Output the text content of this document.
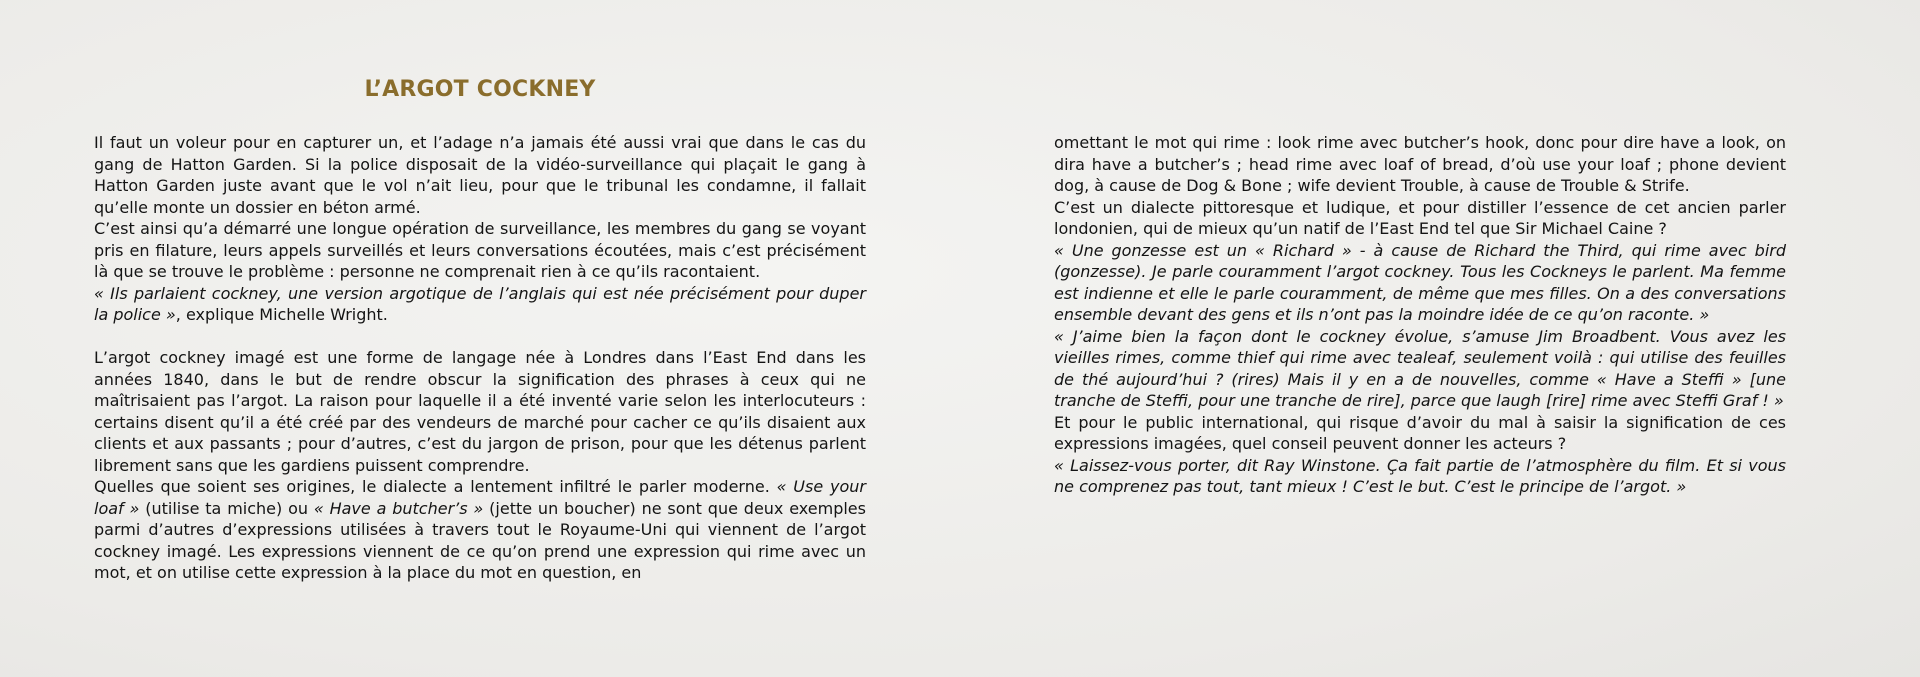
L’ARGOT COCKNEY

Il faut un voleur pour en capturer un, et l’adage n’a jamais été aussi vrai que dans le cas du gang de Hatton Garden. Si la police disposait de la vidéo-surveillance qui plaçait le gang à Hatton Garden juste avant que le vol n’ait lieu, pour que le tribunal les condamne, il fallait qu’elle monte un dossier en béton armé.

C’est ainsi qu’a démarré une longue opération de surveillance, les membres du gang se voyant pris en filature, leurs appels surveillés et leurs conversations écoutées, mais c’est précisément là que se trouve le problème : personne ne comprenait rien à ce qu’ils racontaient.

« Ils parlaient cockney, une version argotique de l’anglais qui est née précisément pour duper la police », explique Michelle Wright.

L’argot cockney imagé est une forme de langage née à Londres dans l’East End dans les années 1840, dans le but de rendre obscur la signification des phrases à ceux qui ne maîtrisaient pas l’argot. La raison pour laquelle il a été inventé varie selon les interlocuteurs : certains disent qu’il a été créé par des vendeurs de marché pour cacher ce qu’ils disaient aux clients et aux passants ; pour d’autres, c’est du jargon de prison, pour que les détenus parlent librement sans que les gardiens puissent comprendre.

Quelles que soient ses origines, le dialecte a lentement infiltré le parler moderne. « Use your loaf » (utilise ta miche) ou « Have a butcher’s » (jette un boucher) ne sont que deux exemples parmi d’autres d’expressions utilisées à travers tout le Royaume-Uni qui viennent de l’argot cockney imagé. Les expressions viennent de ce qu’on prend une expression qui rime avec un mot, et on utilise cette expression à la place du mot en question, en

omettant le mot qui rime : look rime avec butcher’s hook, donc pour dire have a look, on dira have a butcher’s ; head rime avec loaf of bread, d’où use your loaf ; phone devient dog, à cause de Dog & Bone ; wife devient Trouble, à cause de Trouble & Strife.

C’est un dialecte pittoresque et ludique, et pour distiller l’essence de cet ancien parler londonien, qui de mieux qu’un natif de l’East End tel que Sir Michael Caine ?

« Une gonzesse est un « Richard » - à cause de Richard the Third, qui rime avec bird (gonzesse). Je parle couramment l’argot cockney. Tous les Cockneys le parlent. Ma femme est indienne et elle le parle couramment, de même que mes filles. On a des conversations ensemble devant des gens et ils n’ont pas la moindre idée de ce qu’on raconte. »

« J’aime bien la façon dont le cockney évolue, s’amuse Jim Broadbent. Vous avez les vieilles rimes, comme thief qui rime avec tealeaf, seulement voilà : qui utilise des feuilles de thé aujourd’hui ? (rires) Mais il y en a de nouvelles, comme « Have a Steffi » [une tranche de Steffi, pour une tranche de rire], parce que laugh [rire] rime avec Steffi Graf ! »

Et pour le public international, qui risque d’avoir du mal à saisir la signification de ces expressions imagées, quel conseil peuvent donner les acteurs ?

« Laissez-vous porter, dit Ray Winstone. Ça fait partie de l’atmosphère du film. Et si vous ne comprenez pas tout, tant mieux ! C’est le but. C’est le principe de l’argot. »
